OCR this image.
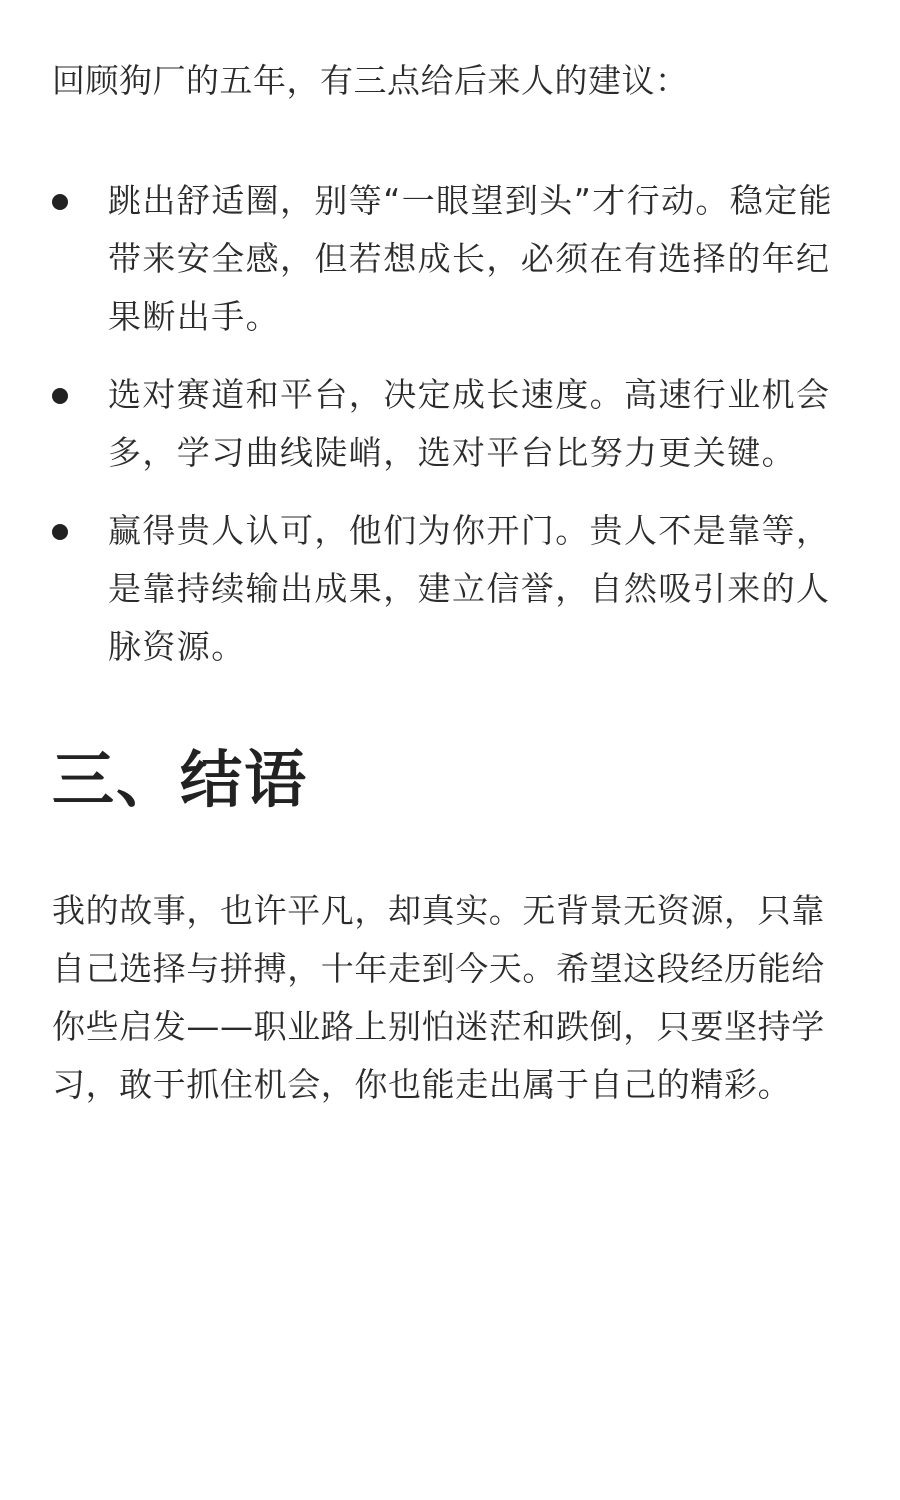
回顾狗厂的五年，有三点给后来人的建议：

跳出舒适圈，别等“一眼望到头”才行动。稳定能带来安全感，但若想成长，必须在有选择的年纪果断出手。

选对赛道和平台，决定成长速度。高速行业机会多，学习曲线陡峭，选对平台比努力更关键。

赢得贵人认可，他们为你开门。贵人不是靠等，是靠持续输出成果，建立信誉，自然吸引来的人脉资源。

三、结语

我的故事，也许平凡，却真实。无背景无资源，只靠自己选择与拼搏，十年走到今天。希望这段经历能给你些启发——职业路上别怕迷茫和跌倒，只要坚持学习，敢于抓住机会，你也能走出属于自己的精彩。
